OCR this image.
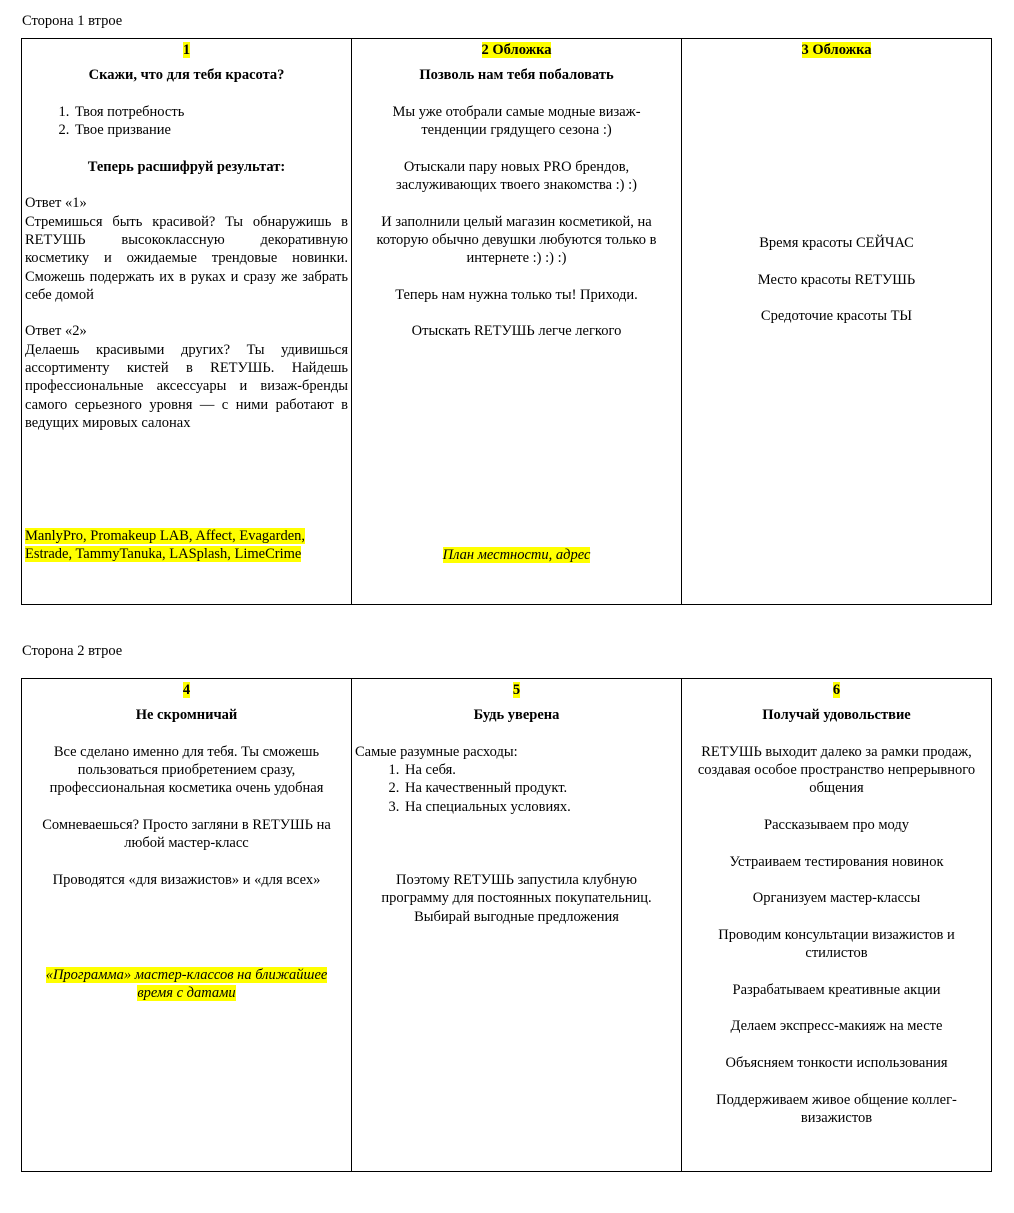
Сторона 1 втрое

1

Скажи, что для тебя красота?

1. Твоя потребность
2. Твое призвание

Теперь расшифруй результат:

Ответ «1»

Стремишься быть красивой? Ты обнаружишь в RETУШЬ высококлассную декоративную косметику и ожидаемые трендовые новинки. Сможешь подержать их в руках и сразу же забрать себе домой

Ответ «2»

Делаешь красивыми других? Ты удивишься ассортименту кистей в RETУШЬ. Найдешь профессиональные аксессуары и визаж-бренды самого серьезного уровня — с ними работают в ведущих мировых салонах

ManlyPro, Promakeup LAB, Affect, Evagarden,
Estrade, TammyTanuka, LASplash, LimeCrime

2 Обложка

Позволь нам тебя побаловать

Мы уже отобрали самые модные визаж-тенденции грядущего сезона :)

Отыскали пару новых PRO брендов, заслуживающих твоего знакомства :) :)

И заполнили целый магазин косметикой, на которую обычно девушки любуются только в интернете :) :) :)

Теперь нам нужна только ты! Приходи.

Отыскать RETУШЬ легче легкого

План местности, адрес

3 Обложка

Время красоты СЕЙЧАС

Место красоты RETУШЬ

Средоточие красоты ТЫ

Сторона 2 втрое

4

Не скромничай

Все сделано именно для тебя. Ты сможешь пользоваться приобретением сразу, профессиональная косметика очень удобная

Сомневаешься? Просто загляни в RETУШЬ на любой мастер-класс

Проводятся «для визажистов» и «для всех»

«Программа» мастер-классов на ближайшее
время с датами

5

Будь уверена

Самые разумные расходы:

1. На себя.
2. На качественный продукт.
3. На специальных условиях.

Поэтому RETУШЬ запустила клубную программу для постоянных покупательниц. Выбирай выгодные предложения

6

Получай удовольствие

RETУШЬ выходит далеко за рамки продаж, создавая особое пространство непрерывного общения

Рассказываем про моду

Устраиваем тестирования новинок

Организуем мастер-классы

Проводим консультации визажистов и стилистов

Разрабатываем креативные акции

Делаем экспресс-макияж на месте

Объясняем тонкости использования

Поддерживаем живое общение коллег-визажистов
